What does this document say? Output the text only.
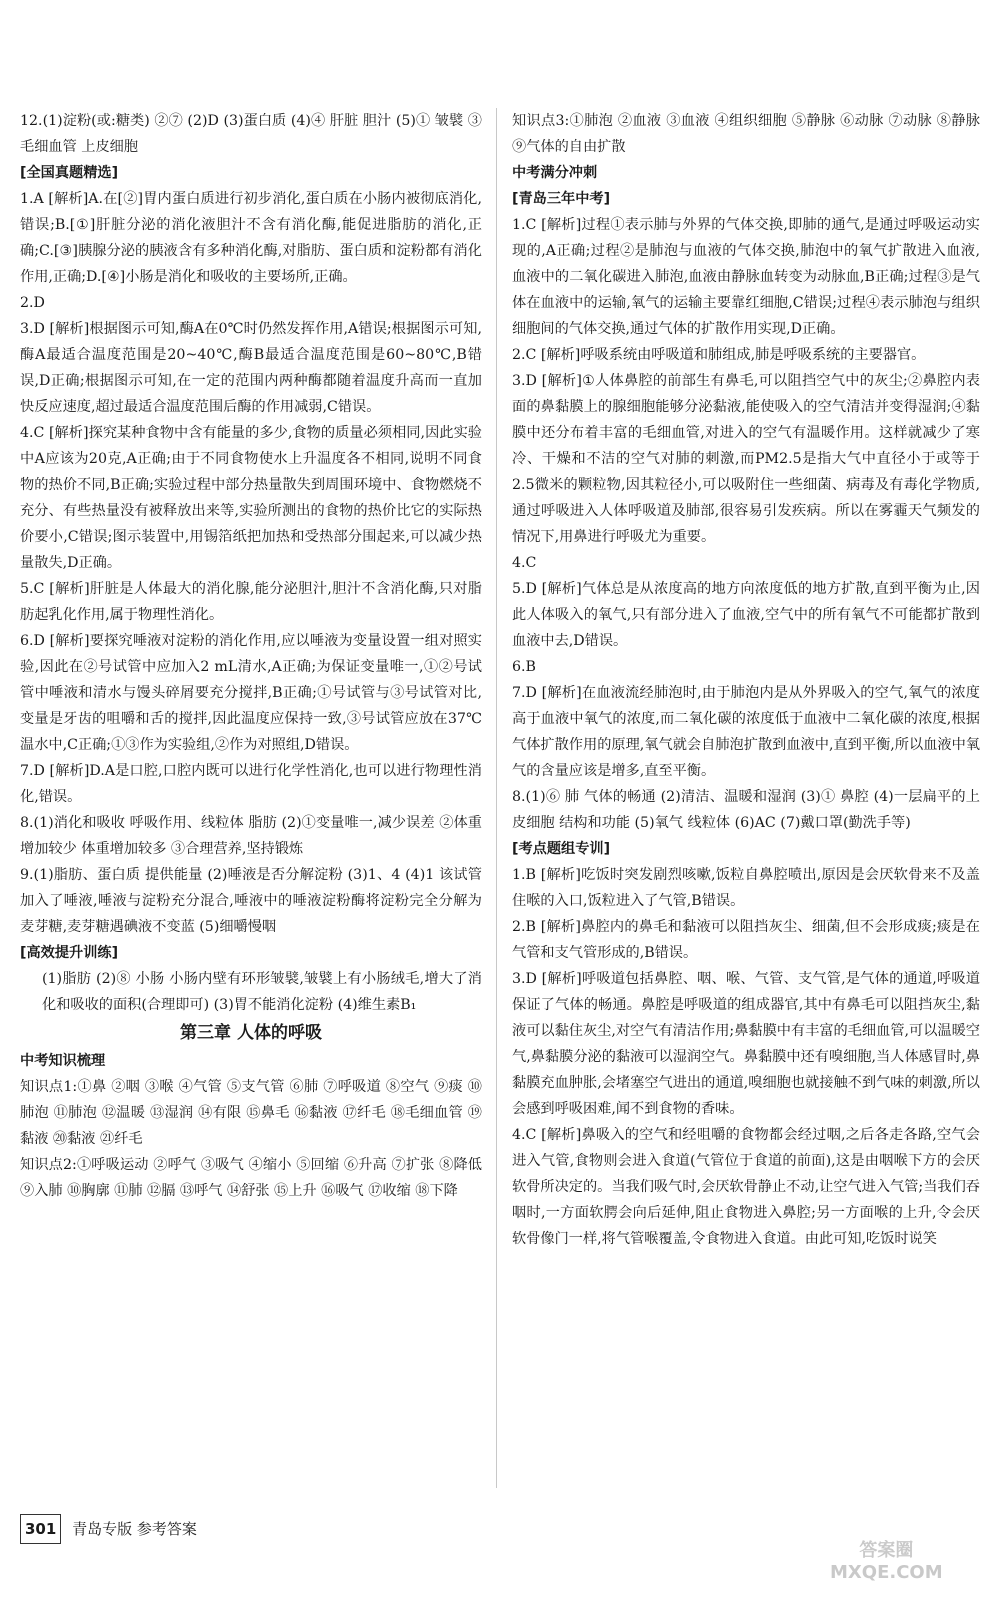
12.(1)淀粉(或:糖类) ②⑦ (2)D (3)蛋白质 (4)④ 肝脏 胆汁 (5)① 皱襞 ③ 毛细血管 上皮细胞

[全国真题精选]

1.A [解析]A.在[②]胃内蛋白质进行初步消化,蛋白质在小肠内被彻底消化,错误;B.[①]肝脏分泌的消化液胆汁不含有消化酶,能促进脂肪的消化,正确;C.[③]胰腺分泌的胰液含有多种消化酶,对脂肪、蛋白质和淀粉都有消化作用,正确;D.[④]小肠是消化和吸收的主要场所,正确。

2.D

3.D [解析]根据图示可知,酶A在0℃时仍然发挥作用,A错误;根据图示可知,酶A最适合温度范围是20~40℃,酶B最适合温度范围是60~80℃,B错误,D正确;根据图示可知,在一定的范围内两种酶都随着温度升高而一直加快反应速度,超过最适合温度范围后酶的作用减弱,C错误。

4.C [解析]探究某种食物中含有能量的多少,食物的质量必须相同,因此实验中A应该为20克,A正确;由于不同食物使水上升温度各不相同,说明不同食物的热价不同,B正确;实验过程中部分热量散失到周围环境中、食物燃烧不充分、有些热量没有被释放出来等,实验所测出的食物的热价比它的实际热价要小,C错误;图示装置中,用锡箔纸把加热和受热部分围起来,可以减少热量散失,D正确。

5.C [解析]肝脏是人体最大的消化腺,能分泌胆汁,胆汁不含消化酶,只对脂肪起乳化作用,属于物理性消化。

6.D [解析]要探究唾液对淀粉的消化作用,应以唾液为变量设置一组对照实验,因此在②号试管中应加入2 mL清水,A正确;为保证变量唯一,①②号试管中唾液和清水与馒头碎屑要充分搅拌,B正确;①号试管与③号试管对比,变量是牙齿的咀嚼和舌的搅拌,因此温度应保持一致,③号试管应放在37℃温水中,C正确;①③作为实验组,②作为对照组,D错误。

7.D [解析]D.A是口腔,口腔内既可以进行化学性消化,也可以进行物理性消化,错误。

8.(1)消化和吸收 呼吸作用、线粒体 脂肪 (2)①变量唯一,减少误差 ②体重增加较少 体重增加较多 ③合理营养,坚持锻炼

9.(1)脂肪、蛋白质 提供能量 (2)唾液是否分解淀粉 (3)1、4 (4)1 该试管加入了唾液,唾液与淀粉充分混合,唾液中的唾液淀粉酶将淀粉完全分解为麦芽糖,麦芽糖遇碘液不变蓝 (5)细嚼慢咽

[高效提升训练]

(1)脂肪 (2)⑧ 小肠 小肠内壁有环形皱襞,皱襞上有小肠绒毛,增大了消化和吸收的面积(合理即可) (3)胃不能消化淀粉 (4)维生素B₁

第三章 人体的呼吸

中考知识梳理

知识点1:①鼻 ②咽 ③喉 ④气管 ⑤支气管 ⑥肺 ⑦呼吸道 ⑧空气 ⑨痰 ⑩肺泡 ⑪肺泡 ⑫温暖 ⑬湿润 ⑭有限 ⑮鼻毛 ⑯黏液 ⑰纤毛 ⑱毛细血管 ⑲黏液 ⑳黏液 ㉑纤毛

知识点2:①呼吸运动 ②呼气 ③吸气 ④缩小 ⑤回缩 ⑥升高 ⑦扩张 ⑧降低 ⑨入肺 ⑩胸廓 ⑪肺 ⑫膈 ⑬呼气 ⑭舒张 ⑮上升 ⑯吸气 ⑰收缩 ⑱下降

知识点3:①肺泡 ②血液 ③血液 ④组织细胞 ⑤静脉 ⑥动脉 ⑦动脉 ⑧静脉 ⑨气体的自由扩散

中考满分冲刺

[青岛三年中考]

1.C [解析]过程①表示肺与外界的气体交换,即肺的通气,是通过呼吸运动实现的,A正确;过程②是肺泡与血液的气体交换,肺泡中的氧气扩散进入血液,血液中的二氧化碳进入肺泡,血液由静脉血转变为动脉血,B正确;过程③是气体在血液中的运输,氧气的运输主要靠红细胞,C错误;过程④表示肺泡与组织细胞间的气体交换,通过气体的扩散作用实现,D正确。

2.C [解析]呼吸系统由呼吸道和肺组成,肺是呼吸系统的主要器官。

3.D [解析]①人体鼻腔的前部生有鼻毛,可以阻挡空气中的灰尘;②鼻腔内表面的鼻黏膜上的腺细胞能够分泌黏液,能使吸入的空气清洁并变得湿润;④黏膜中还分布着丰富的毛细血管,对进入的空气有温暖作用。这样就减少了寒冷、干燥和不洁的空气对肺的刺激,而PM2.5是指大气中直径小于或等于2.5微米的颗粒物,因其粒径小,可以吸附住一些细菌、病毒及有毒化学物质,通过呼吸进入人体呼吸道及肺部,很容易引发疾病。所以在雾霾天气频发的情况下,用鼻进行呼吸尤为重要。

4.C

5.D [解析]气体总是从浓度高的地方向浓度低的地方扩散,直到平衡为止,因此人体吸入的氧气,只有部分进入了血液,空气中的所有氧气不可能都扩散到血液中去,D错误。

6.B

7.D [解析]在血液流经肺泡时,由于肺泡内是从外界吸入的空气,氧气的浓度高于血液中氧气的浓度,而二氧化碳的浓度低于血液中二氧化碳的浓度,根据气体扩散作用的原理,氧气就会自肺泡扩散到血液中,直到平衡,所以血液中氧气的含量应该是增多,直至平衡。

8.(1)⑥ 肺 气体的畅通 (2)清洁、温暖和湿润 (3)① 鼻腔 (4)一层扁平的上皮细胞 结构和功能 (5)氧气 线粒体 (6)AC (7)戴口罩(勤洗手等)

[考点题组专训]

1.B [解析]吃饭时突发剧烈咳嗽,饭粒自鼻腔喷出,原因是会厌软骨来不及盖住喉的入口,饭粒进入了气管,B错误。

2.B [解析]鼻腔内的鼻毛和黏液可以阻挡灰尘、细菌,但不会形成痰;痰是在气管和支气管形成的,B错误。

3.D [解析]呼吸道包括鼻腔、咽、喉、气管、支气管,是气体的通道,呼吸道保证了气体的畅通。鼻腔是呼吸道的组成器官,其中有鼻毛可以阻挡灰尘,黏液可以黏住灰尘,对空气有清洁作用;鼻黏膜中有丰富的毛细血管,可以温暖空气,鼻黏膜分泌的黏液可以湿润空气。鼻黏膜中还有嗅细胞,当人体感冒时,鼻黏膜充血肿胀,会堵塞空气进出的通道,嗅细胞也就接触不到气味的刺激,所以会感到呼吸困难,闻不到食物的香味。

4.C [解析]鼻吸入的空气和经咀嚼的食物都会经过咽,之后各走各路,空气会进入气管,食物则会进入食道(气管位于食道的前面),这是由咽喉下方的会厌软骨所决定的。当我们吸气时,会厌软骨静止不动,让空气进入气管;当我们吞咽时,一方面软腭会向后延伸,阻止食物进入鼻腔;另一方面喉的上升,令会厌软骨像门一样,将气管喉覆盖,令食物进入食道。由此可知,吃饭时说笑

301 青岛专版 参考答案
答案圈
MXQE.COM
